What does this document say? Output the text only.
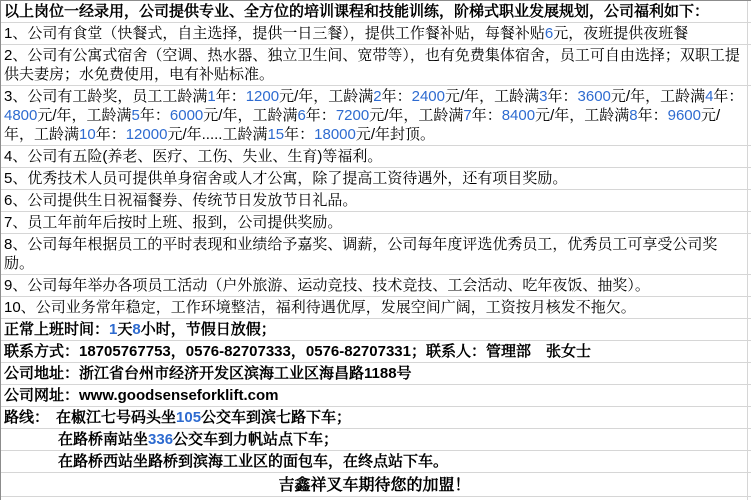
以上岗位一经录用，公司提供专业、全方位的培训课程和技能训练，阶梯式职业发展规划，公司福利如下：
1、公司有食堂（快餐式，自主选择，提供一日三餐），提供工作餐补贴，每餐补贴6元，夜班提供夜班餐
2、公司有公寓式宿舍（空调、热水器、独立卫生间、宽带等），也有免费集体宿舍，员工可自由选择；双职工提供夫妻房；水免费使用，电有补贴标准。
3、公司有工龄奖，员工工龄满1年：1200元/年，工龄满2年：2400元/年，工龄满3年：3600元/年，工龄满4年：4800元/年，工龄满5年：6000元/年，工龄满6年：7200元/年，工龄满7年：8400元/年，工龄满8年：9600元/年，工龄满10年：12000元/年.....工龄满15年：18000元/年封顶。
4、公司有五险(养老、医疗、工伤、失业、生育)等福利。
5、优秀技术人员可提供单身宿舍或人才公寓，除了提高工资待遇外，还有项目奖励。
6、公司提供生日祝福餐券、传统节日发放节日礼品。
7、员工年前年后按时上班、报到，公司提供奖励。
8、公司每年根据员工的平时表现和业绩给予嘉奖、调薪，公司每年度评选优秀员工，优秀员工可享受公司奖励。
9、公司每年举办各项员工活动（户外旅游、运动竞技、技术竞技、工会活动、吃年夜饭、抽奖）。
10、公司业务常年稳定，工作环境整洁，福利待遇优厚，发展空间广阔，工资按月核发不拖欠。
正常上班时间：1天8小时，节假日放假；
联系方式：18705767753，0576-82707333，0576-82707331；联系人：管理部　张女士
公司地址：浙江省台州市经济开发区滨海工业区海昌路1188号
公司网址：www.goodsenseforklift.com
路线： 在椒江七号码头坐105公交车到滨七路下车；
在路桥南站坐336公交车到力帆站点下车；
在路桥西站坐路桥到滨海工业区的面包车，在终点站下车。
吉鑫祥叉车期待您的加盟！
